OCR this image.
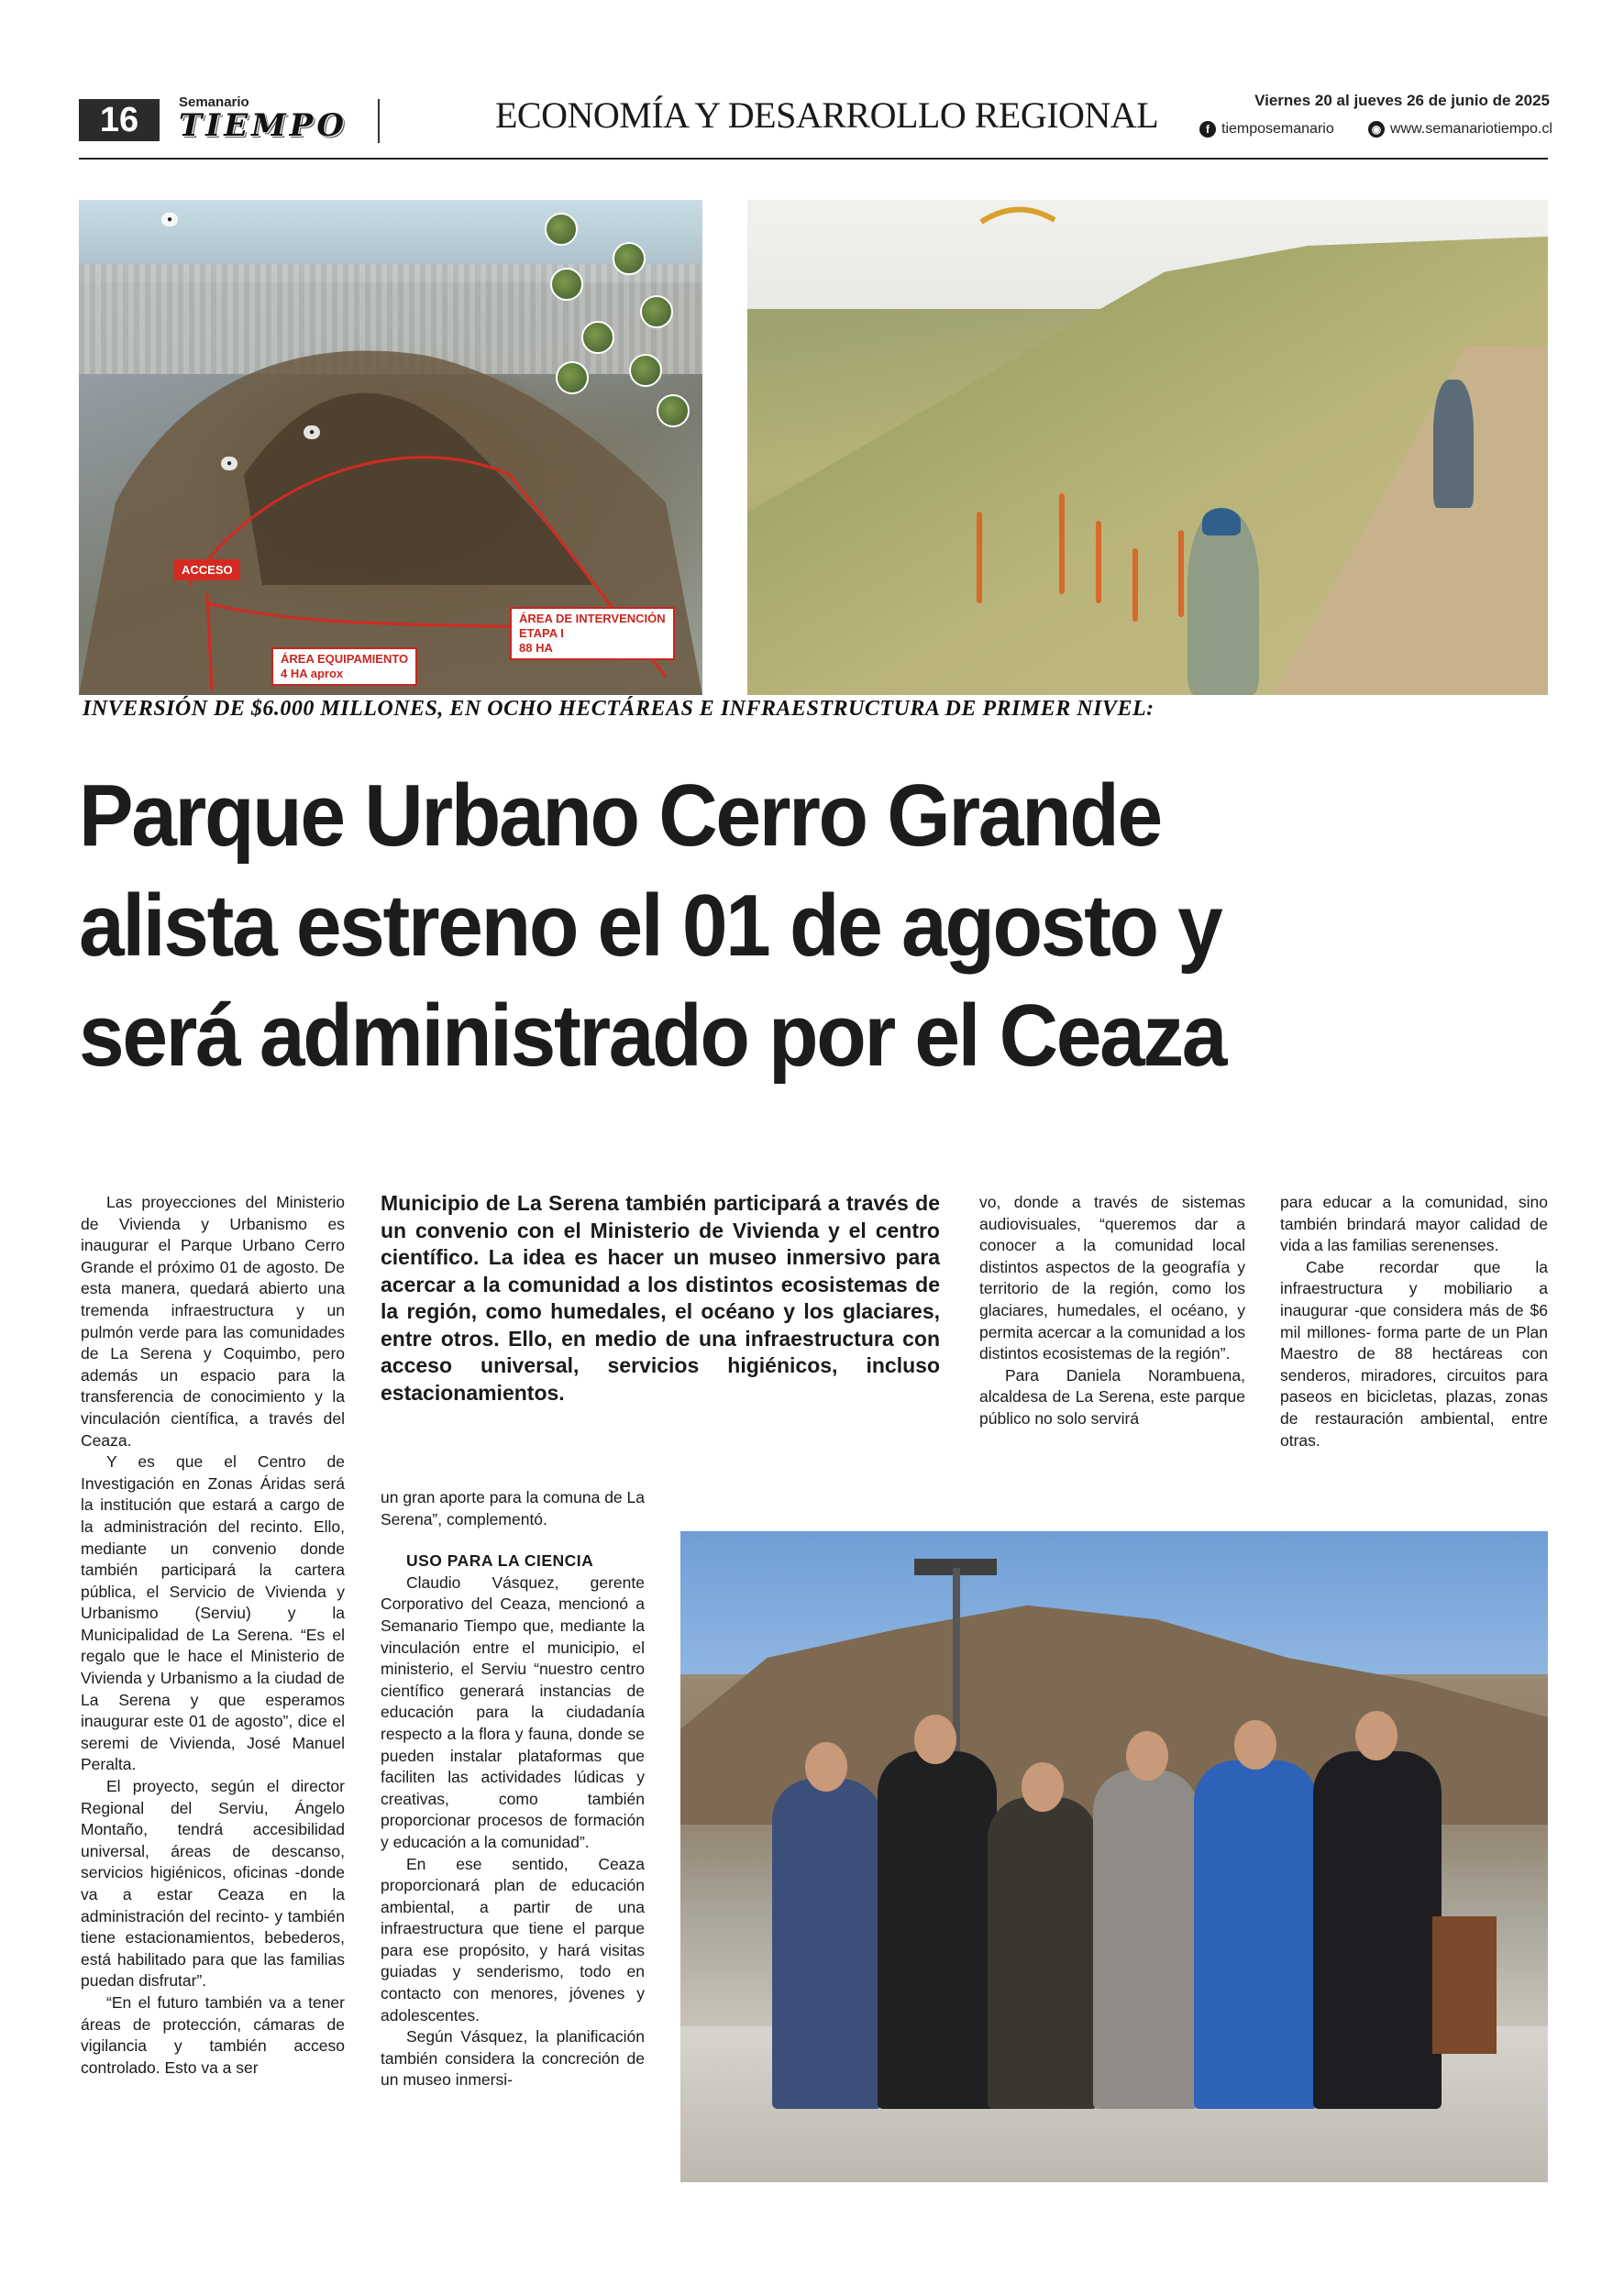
16	Semanario
TIEMPO	ECONOMÍA Y DESARROLLO REGIONAL	Viernes 20 al jueves 26 de junio de 2025
f tiemposemanario	◉ www.semanariotiempo.cl
●
●
●
ACCESO
ÁREA EQUIPAMIENTO
4 HA aprox
ÁREA DE INTERVENCIÓN
ETAPA I
88 HA
INVERSIÓN DE $6.000 MILLONES, EN OCHO HECTÁREAS E INFRAESTRUCTURA DE PRIMER NIVEL:
Parque Urbano Cerro Grande
alista estreno el 01 de agosto y
será administrado por el Ceaza

Las proyecciones del Ministerio de Vivienda y Urbanismo es inaugurar el Parque Urbano Cerro Grande el próximo 01 de agosto. De esta manera, quedará abierto una tremenda infraestructura y un pulmón verde para las comunidades de La Serena y Coquimbo, pero además un espacio para la transferencia de conocimiento y la vinculación científica, a través del Ceaza.

Y es que el Centro de Investigación en Zonas Áridas será la institución que estará a cargo de la administración del recinto. Ello, mediante un convenio donde también participará la cartera pública, el Servicio de Vivienda y Urbanismo (Serviu) y la Municipalidad de La Serena. “Es el regalo que le hace el Ministerio de Vivienda y Urbanismo a la ciudad de La Serena y que esperamos inaugurar este 01 de agosto”, dice el seremi de Vivienda, José Manuel Peralta.

El proyecto, según el director Regional del Serviu, Ángelo Montaño, tendrá accesibilidad universal, áreas de descanso, servicios higiénicos, oficinas -donde va a estar Ceaza en la administración del recinto- y también tiene estacionamientos, bebederos, está habilitado para que las familias puedan disfrutar”.

“En el futuro también va a tener áreas de protección, cámaras de vigilancia y también acceso controlado. Esto va a ser

Municipio de La Serena también participará a través de un convenio con el Ministerio de Vivienda y el centro científico. La idea es hacer un museo inmersivo para acercar a la comunidad a los distintos ecosistemas de la región, como humedales, el océano y los glaciares, entre otros. Ello, en medio de una infraestructura con acceso universal, servicios higiénicos, incluso estacionamientos.

un gran aporte para la comuna de La Serena”, complementó.

USO PARA LA CIENCIA

Claudio Vásquez, gerente Corporativo del Ceaza, mencionó a Semanario Tiempo que, mediante la vinculación entre el municipio, el ministerio, el Serviu “nuestro centro científico generará instancias de educación para la ciudadanía respecto a la flora y fauna, donde se pueden instalar plataformas que faciliten las actividades lúdicas y creativas, como también proporcionar procesos de formación y educación a la comunidad”.

En ese sentido, Ceaza proporcionará plan de educación ambiental, a partir de una infraestructura que tiene el parque para ese propósito, y hará visitas guiadas y senderismo, todo en contacto con menores, jóvenes y adolescentes.

Según Vásquez, la planificación también considera la concreción de un museo inmersi-

vo, donde a través de sistemas audiovisuales, “queremos dar a conocer a la comunidad local distintos aspectos de la geografía y territorio de la región, como los glaciares, humedales, el océano, y permita acercar a la comunidad a los distintos ecosistemas de la región”.

Para Daniela Norambuena, alcaldesa de La Serena, este parque público no solo servirá

para educar a la comunidad, sino también brindará mayor calidad de vida a las familias serenenses.

Cabe recordar que la infraestructura y mobiliario a inaugurar -que considera más de $6 mil millones- forma parte de un Plan Maestro de 88 hectáreas con senderos, miradores, circuitos para paseos en bicicletas, plazas, zonas de restauración ambiental, entre otras.
